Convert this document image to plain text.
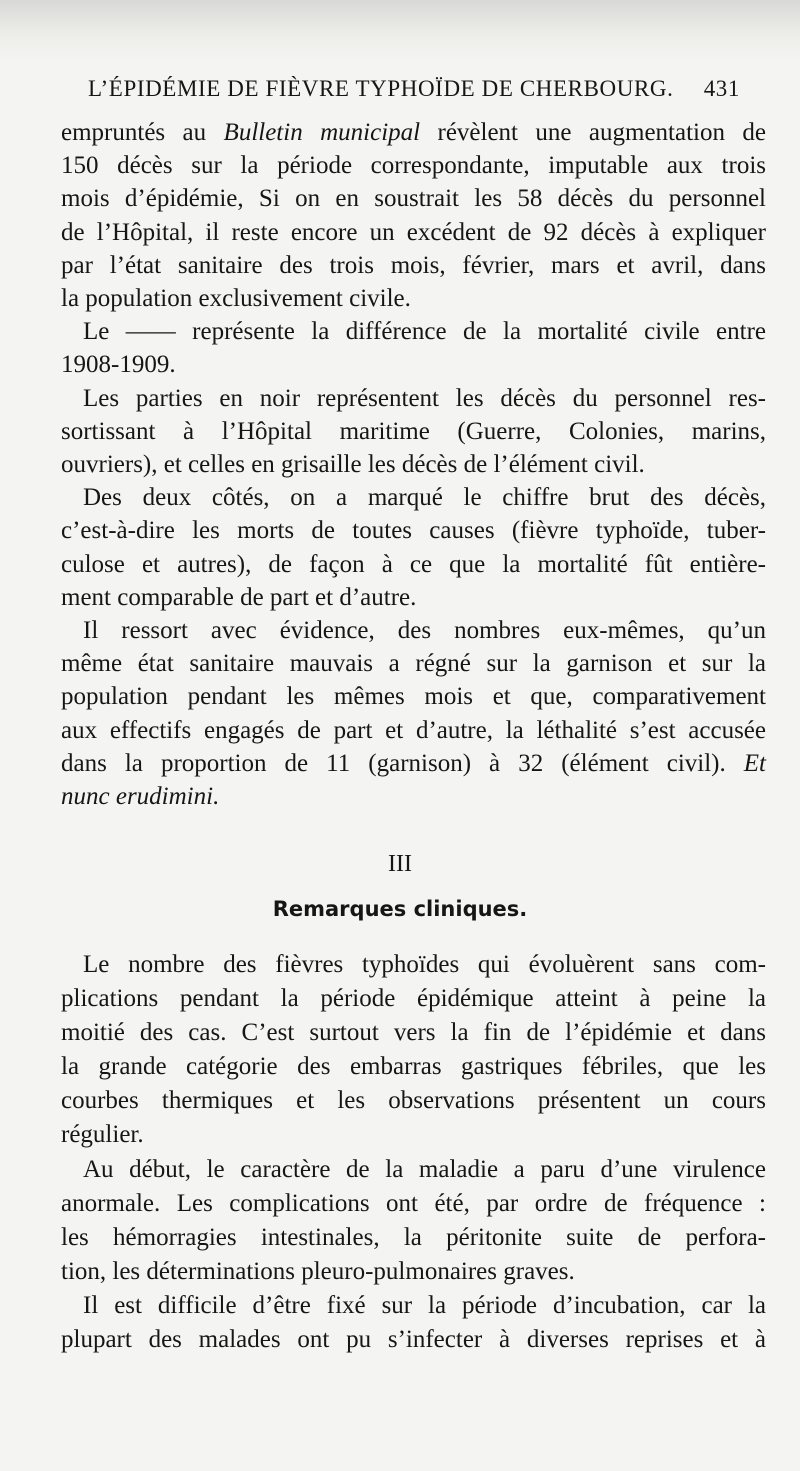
L’ÉPIDÉMIE DE FIÈVRE TYPHOÏDE DE CHERBOURG. 431
empruntés au Bulletin municipal révèlent une augmentation de
150 décès sur la période correspondante, imputable aux trois
mois d’épidémie, Si on en soustrait les 58 décès du personnel
de l’Hôpital, il reste encore un excédent de 92 décès à expliquer
par l’état sanitaire des trois mois, février, mars et avril, dans
la population exclusivement civile.
Le —— représente la différence de la mortalité civile entre
1908-1909.
Les parties en noir représentent les décès du personnel res-
sortissant à l’Hôpital maritime (Guerre, Colonies, marins,
ouvriers), et celles en grisaille les décès de l’élément civil.
Des deux côtés, on a marqué le chiffre brut des décès,
c’est-à-dire les morts de toutes causes (fièvre typhoïde, tuber-
culose et autres), de façon à ce que la mortalité fût entière-
ment comparable de part et d’autre.
Il ressort avec évidence, des nombres eux-mêmes, qu’un
même état sanitaire mauvais a régné sur la garnison et sur la
population pendant les mêmes mois et que, comparativement
aux effectifs engagés de part et d’autre, la léthalité s’est accusée
dans la proportion de 11 (garnison) à 32 (élément civil). Et
nunc erudimini.
III
Remarques cliniques.
Le nombre des fièvres typhoïdes qui évoluèrent sans com-
plications pendant la période épidémique atteint à peine la
moitié des cas. C’est surtout vers la fin de l’épidémie et dans
la grande catégorie des embarras gastriques fébriles, que les
courbes thermiques et les observations présentent un cours
régulier.
Au début, le caractère de la maladie a paru d’une virulence
anormale. Les complications ont été, par ordre de fréquence :
les hémorragies intestinales, la péritonite suite de perfora-
tion, les déterminations pleuro-pulmonaires graves.
Il est difficile d’être fixé sur la période d’incubation, car la
plupart des malades ont pu s’infecter à diverses reprises et à
